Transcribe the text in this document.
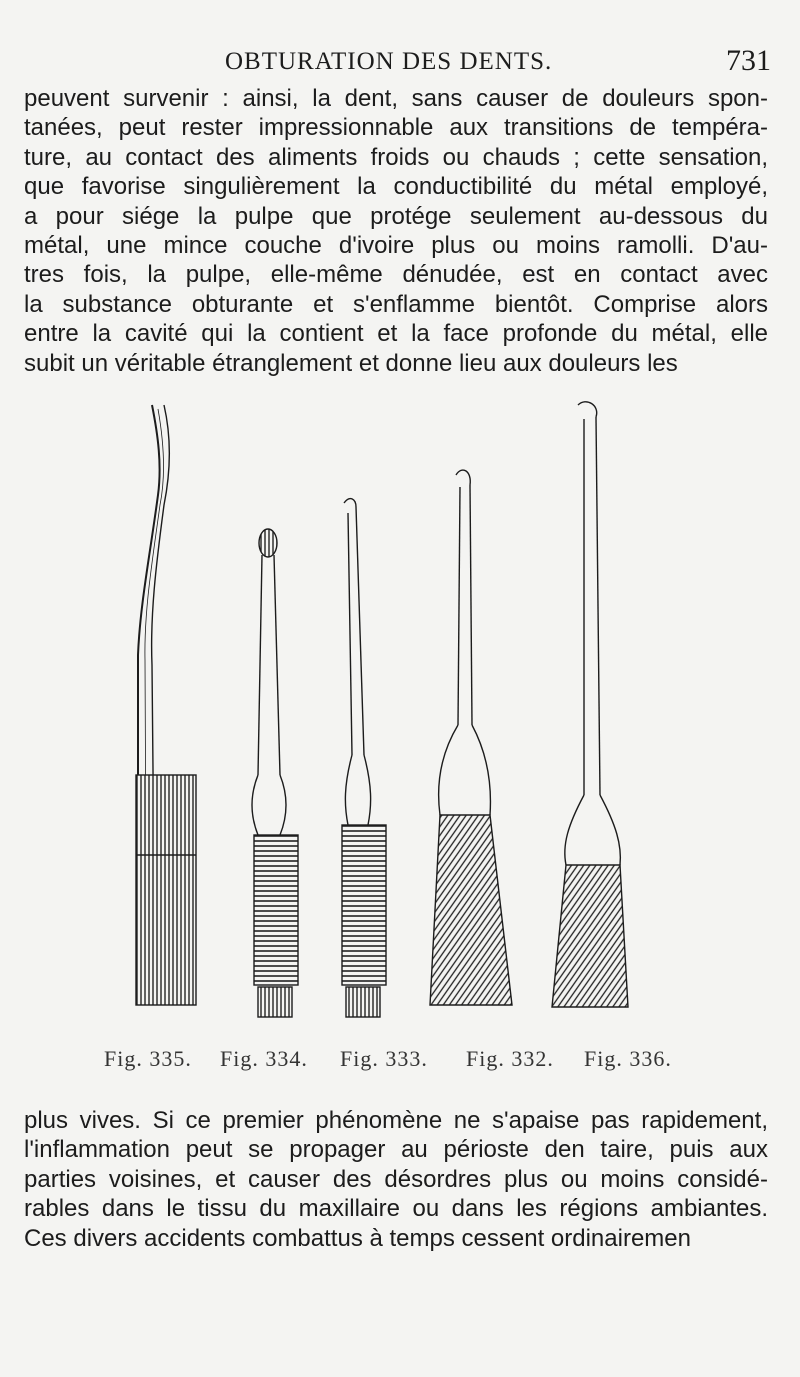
OBTURATION DES DENTS.	731

peuvent survenir : ainsi, la dent, sans causer de douleurs spon-
tanées, peut rester impressionnable aux transitions de tempéra-
ture, au contact des aliments froids ou chauds ; cette sensation,
que favorise singulièrement la conductibilité du métal employé,
a pour siége la pulpe que protége seulement au-dessous du
métal, une mince couche d'ivoire plus ou moins ramolli. D'au-
tres fois, la pulpe, elle-même dénudée, est en contact avec
la substance obturante et s'enflamme bientôt. Comprise alors
entre la cavité qui la contient et la face profonde du métal, elle
subit un véritable étranglement et donne lieu aux douleurs les

Fig. 335. Fig. 334. Fig. 333. Fig. 332. Fig. 336.

plus vives. Si ce premier phénomène ne s'apaise pas rapidement,
l'inflammation peut se propager au périoste den taire, puis aux
parties voisines, et causer des désordres plus ou moins considé-
rables dans le tissu du maxillaire ou dans les régions ambiantes.
Ces divers accidents combattus à temps cessent ordinairemen
